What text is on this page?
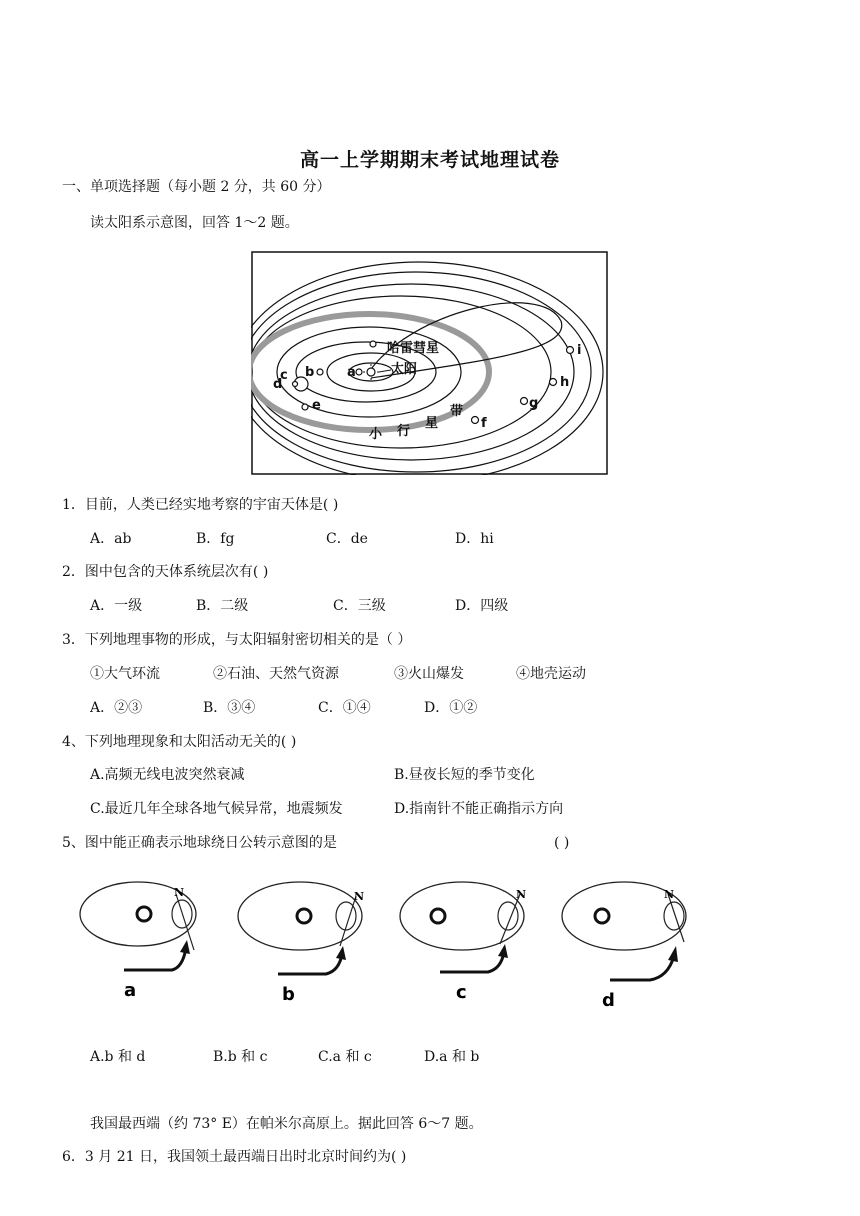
高一上学期期末考试地理试卷
一、单项选择题（每小题 2 分，共 60 分）
读太阳系示意图，回答 1～2 题。
哈雷彗星
太阳
小 行
星
带
a
b
c
d
e
f
g
h
i
1．目前，人类已经实地考察的宇宙天体是( )
A．ab	B．fg	C．de	D．hi
2．图中包含的天体系统层次有( )
A．一级	B．二级	C．三级	D．四级
3．下列地理事物的形成，与太阳辐射密切相关的是（ ）
①大气环流	②石油、天然气资源	③火山爆发	④地壳运动
A．②③	B．③④	C．①④	D．①②
4、下列地理现象和太阳活动无关的( )
A.高频无线电波突然衰减	B.昼夜长短的季节变化
C.最近几年全球各地气候异常，地震频发	D.指南针不能正确指示方向
5、图中能正确表示地球绕日公转示意图的是	( )
N
a
N
b
N
c
N
d
A.b 和 d	B.b 和 c	C.a 和 c	D.a 和 b
我国最西端（约 73° E）在帕米尔高原上。据此回答 6～7 题。
6．3 月 21 日，我国领土最西端日出时北京时间约为( )
